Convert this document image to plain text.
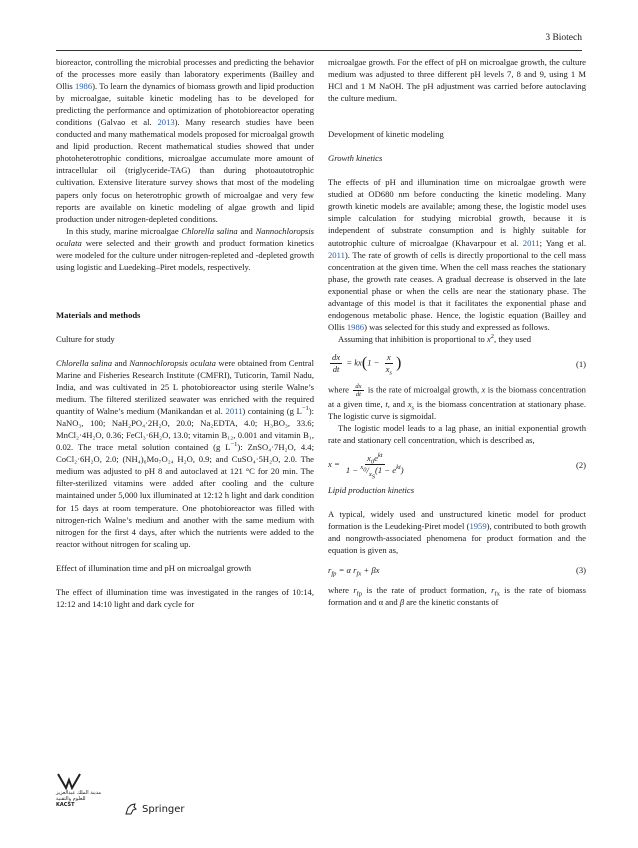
3 Biotech

bioreactor, controlling the microbial processes and predicting the behavior of the processes more easily than laboratory experiments (Bailley and Ollis 1986). To learn the dynamics of biomass growth and lipid production by microalgae, suitable kinetic modeling has to be developed for predicting the performance and optimization of photobioreactor operating conditions (Galvao et al. 2013). Many research studies have been conducted and many mathematical models proposed for microalgal growth and lipid production. Recent mathematical studies showed that under photoheterotrophic conditions, microalgae accumulate more amount of intracellular oil (triglyceride-TAG) than during photoautotrophic cultivation. Extensive literature survey shows that most of the modeling papers only focus on heterotrophic growth of microalgae and very few reports are available on kinetic modeling of algae growth and lipid production under nitrogen-depleted conditions.

In this study, marine microalgae Chlorella salina and Nannochloropsis oculata were selected and their growth and product formation kinetics were modeled for the culture under nitrogen-repleted and -depleted growth using logistic and Luedeking–Piret models, respectively.

Materials and methods

Culture for study

Chlorella salina and Nannochloropsis oculata were obtained from Central Marine and Fisheries Research Institute (CMFRI), Tuticorin, Tamil Nadu, India, and was cultivated in 25 L photobioreactor using sterile Walne’s medium. The filtered sterilized seawater was enriched with the required quantity of Walne’s medium (Manikandan et al. 2011) containing (g $L^{-1}$): NaNO₃, 100; NaH₂PO₄·2H₂O, 20.0; Na₂EDTA, 4.0; H₃BO₃, 33.6; MnCl₂·4H₂O, 0.36; FeCl₃·6H₂O, 13.0; vitamin B₁₂, 0.001 and vitamin B₁, 0.02. The trace metal solution contained (g $L^{-1}$): ZnSO₄·7H₂O, 4.4; CoCl₂·6H₂O, 2.0; (NH₄)₆Mo₇O₂₄ H₂O, 0.9; and CuSO₄·5H₂O, 2.0. The medium was adjusted to pH 8 and autoclaved at 121 °C for 20 min. The filter-sterilized vitamins were added after cooling and the culture maintained under 5,000 lux illuminated at 12:12 h light and dark condition for 15 days at room temperature. One photobioreactor was filled with nitrogen-rich Walne’s medium and another with the same medium with nitrogen for the first 4 days, after which the nutrients were added to the reactor without nitrogen for scaling up.

Effect of illumination time and pH on microalgal growth

The effect of illumination time was investigated in the ranges of 10:14, 12:12 and 14:10 light and dark cycle for

microalgae growth. For the effect of pH on microalgae growth, the culture medium was adjusted to three different pH levels 7, 8 and 9, using 1 M HCl and 1 M NaOH. The pH adjustment was carried before autoclaving the culture medium.

Development of kinetic modeling

Growth kinetics

The effects of pH and illumination time on microalgae growth were studied at OD680 nm before conducting the kinetic modeling. Many growth kinetic models are available; among these, the logistic model uses simple calculation for studying microbial growth, because it is independent of substrate consumption and is highly suitable for autotrophic culture of microalgae (Khavarpour et al. 2011; Yang et al. 2011). The rate of growth of cells is directly proportional to the cell mass concentration at the given time. When the cell mass reaches the stationary phase, the growth rate ceases. A gradual decrease is observed in the late exponential phase or when the cells are near the stationary phase. The advantage of this model is that it facilitates the exponential phase and endogenous metabolic phase. Hence, the logistic equation (Bailley and Ollis 1986) was selected for this study and expressed as follows.

Assuming that inhibition is proportional to $x^2$, they used

$\frac{dx}{dt} = kx(1 - \frac{x}{x_s}$ )	(1)

where $\frac{dx}{dt}$ is the rate of microalgal growth, x is the biomass concentration at a given time, t, and $x_s$ is the biomass concentration at stationary phase. The logistic curve is sigmoidal.

The logistic model leads to a lag phase, an initial exponential growth rate and stationary cell concentration, which is described as,

$x = \frac{x_0e^{kt}}{1 - ^{x_0}/_{x_S}(1 - e^{kt})}$	(2)

Lipid production kinetics

A typical, widely used and unstructured kinetic model for product formation is the Leudeking-Piret model (1959), contributed to both growth and nongrowth-associated phenomena for product formation and the equation is given as,

$r_{fp} = \alpha$ $r_{fx} + \beta x$	(3)

where $r_{fp}$ is the rate of product formation, $r_{fx}$ is the rate of biomass formation and α and β are the kinetic constants of

مدينة الملك عبدالعزيز للعلوم والتقنية
KACST	Springer
